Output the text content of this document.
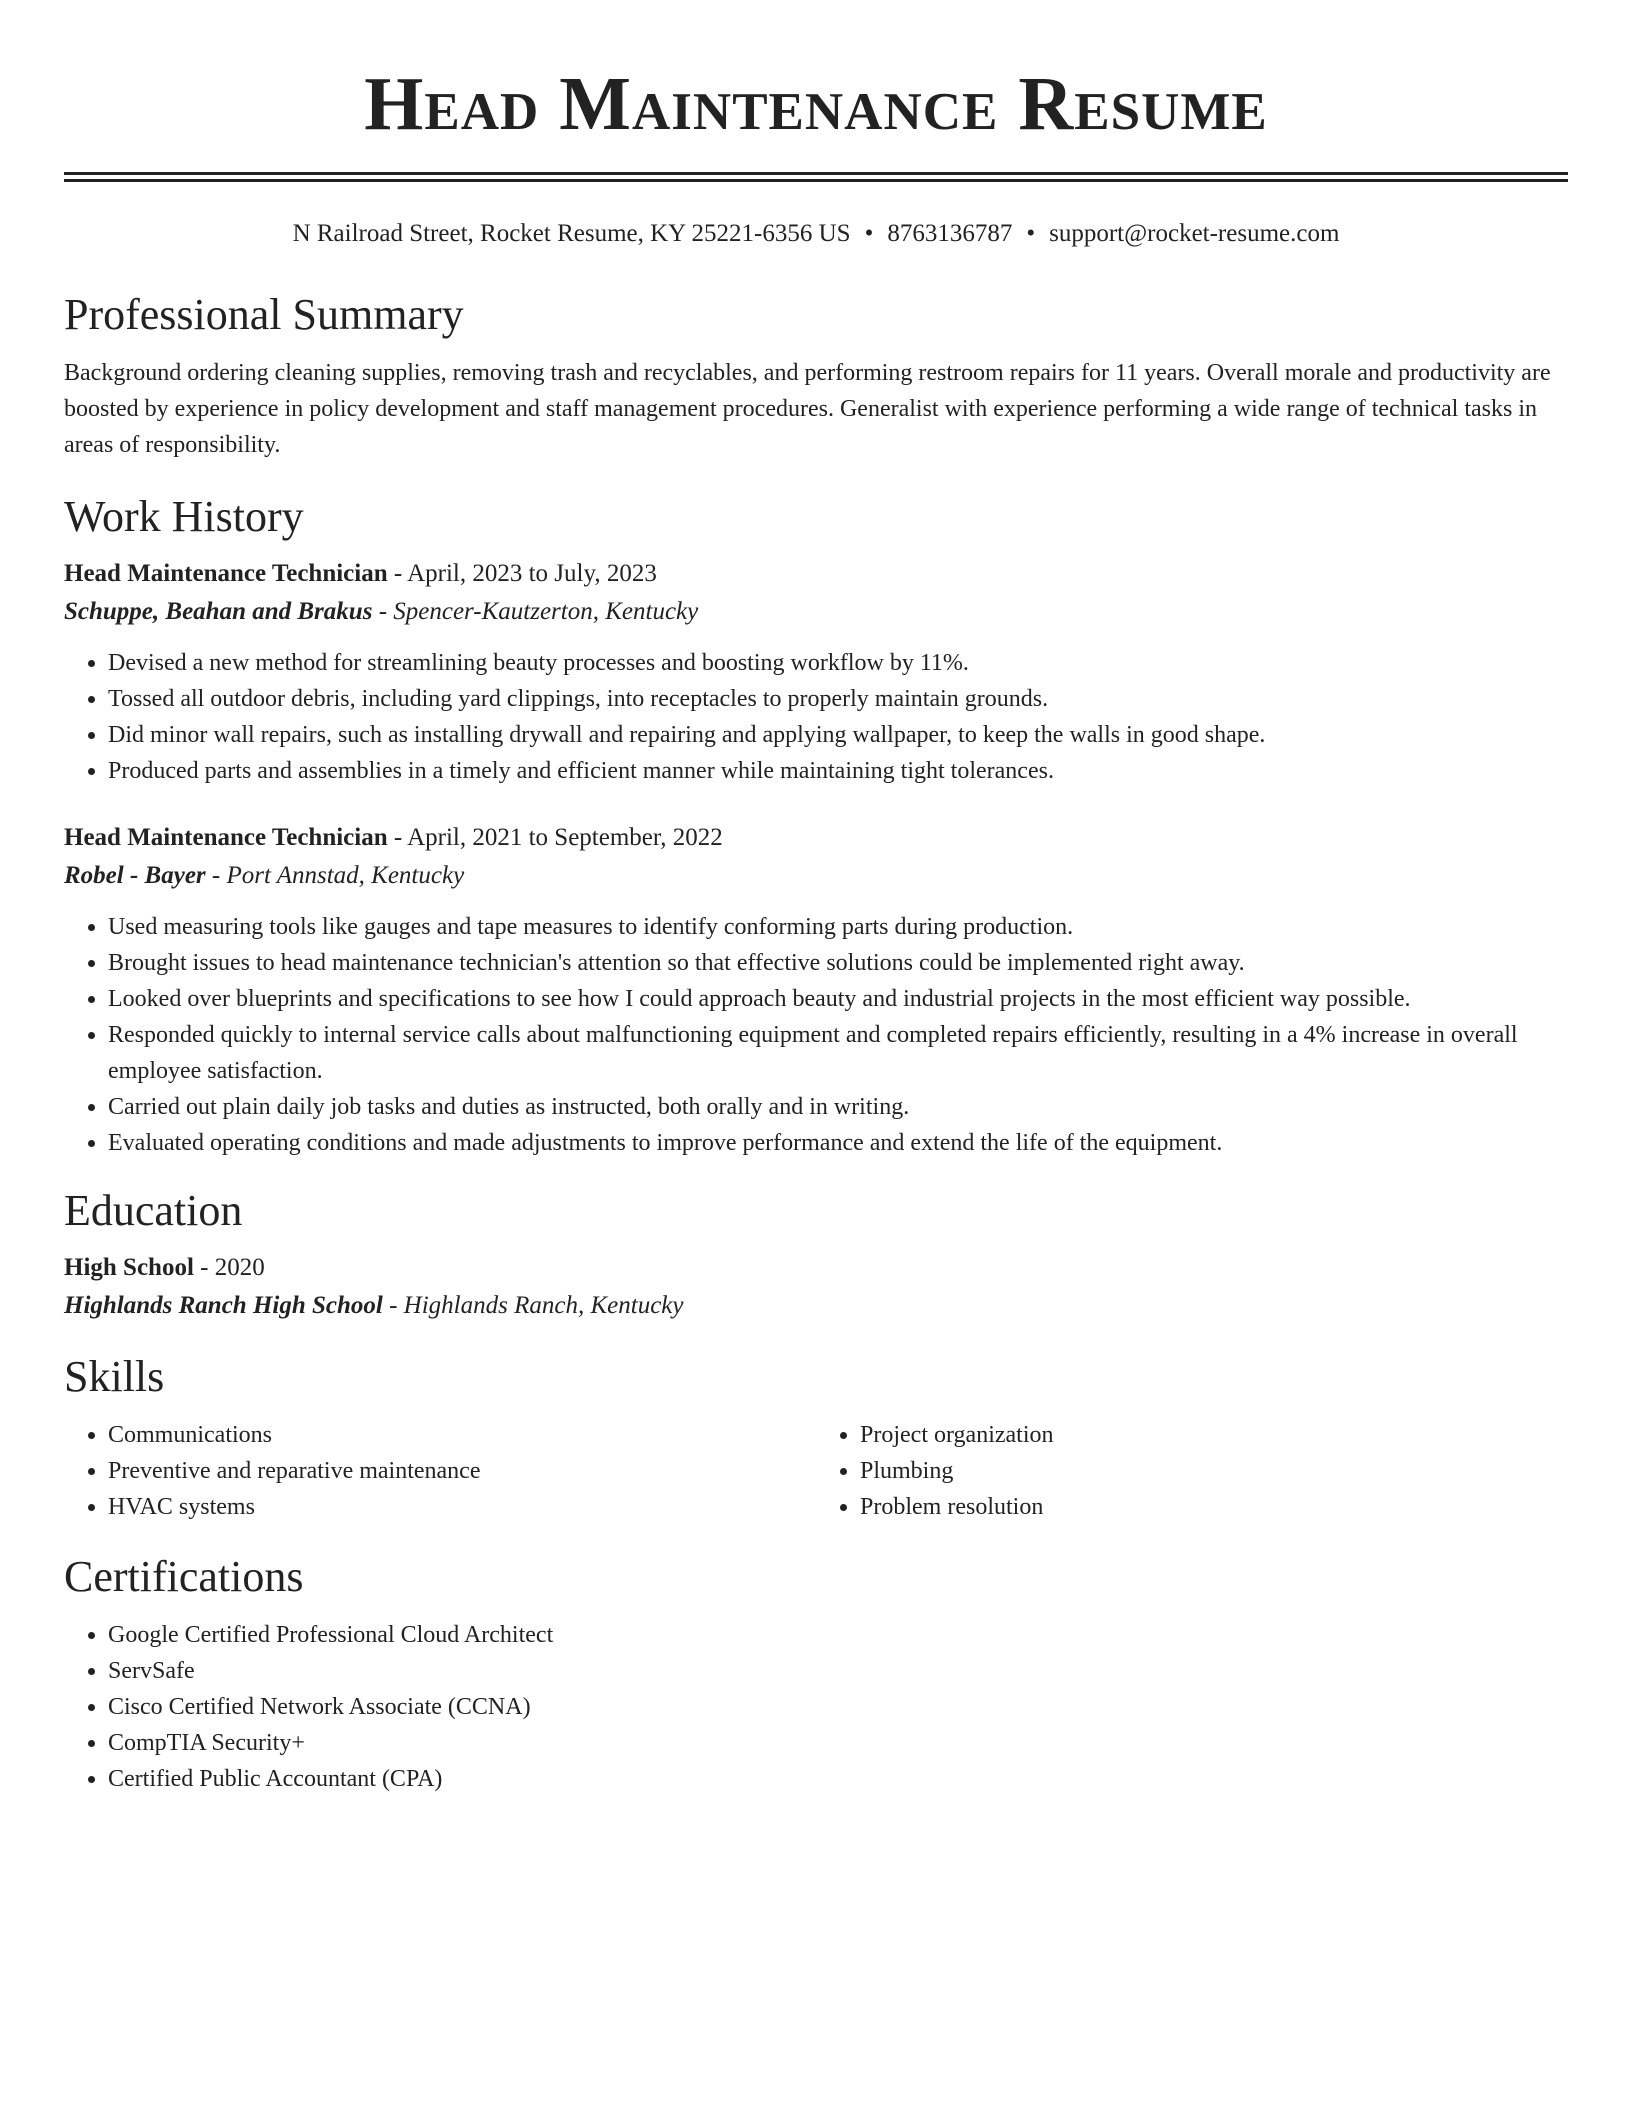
Head Maintenance Resume
N Railroad Street, Rocket Resume, KY 25221-6356 US • 8763136787 • support@rocket-resume.com
Professional Summary

Background ordering cleaning supplies, removing trash and recyclables, and performing restroom repairs for 11 years. Overall morale and productivity are boosted by experience in policy development and staff management procedures. Generalist with experience performing a wide range of technical tasks in areas of responsibility.

Work History

Head Maintenance Technician - April, 2023 to July, 2023

Schuppe, Beahan and Brakus - Spencer-Kautzerton, Kentucky

• Devised a new method for streamlining beauty processes and boosting workflow by 11%.
• Tossed all outdoor debris, including yard clippings, into receptacles to properly maintain grounds.
• Did minor wall repairs, such as installing drywall and repairing and applying wallpaper, to keep the walls in good shape.
• Produced parts and assemblies in a timely and efficient manner while maintaining tight tolerances.

Head Maintenance Technician - April, 2021 to September, 2022

Robel - Bayer - Port Annstad, Kentucky

• Used measuring tools like gauges and tape measures to identify conforming parts during production.
• Brought issues to head maintenance technician's attention so that effective solutions could be implemented right away.
• Looked over blueprints and specifications to see how I could approach beauty and industrial projects in the most efficient way possible.
• Responded quickly to internal service calls about malfunctioning equipment and completed repairs efficiently, resulting in a 4% increase in overall employee satisfaction.
• Carried out plain daily job tasks and duties as instructed, both orally and in writing.
• Evaluated operating conditions and made adjustments to improve performance and extend the life of the equipment.
Education

High School - 2020

Highlands Ranch High School - Highlands Ranch, Kentucky

Skills
• Communications
• Preventive and reparative maintenance
• HVAC systems
• Project organization
• Plumbing
• Problem resolution
Certifications
• Google Certified Professional Cloud Architect
• ServSafe
• Cisco Certified Network Associate (CCNA)
• CompTIA Security+
• Certified Public Accountant (CPA)
